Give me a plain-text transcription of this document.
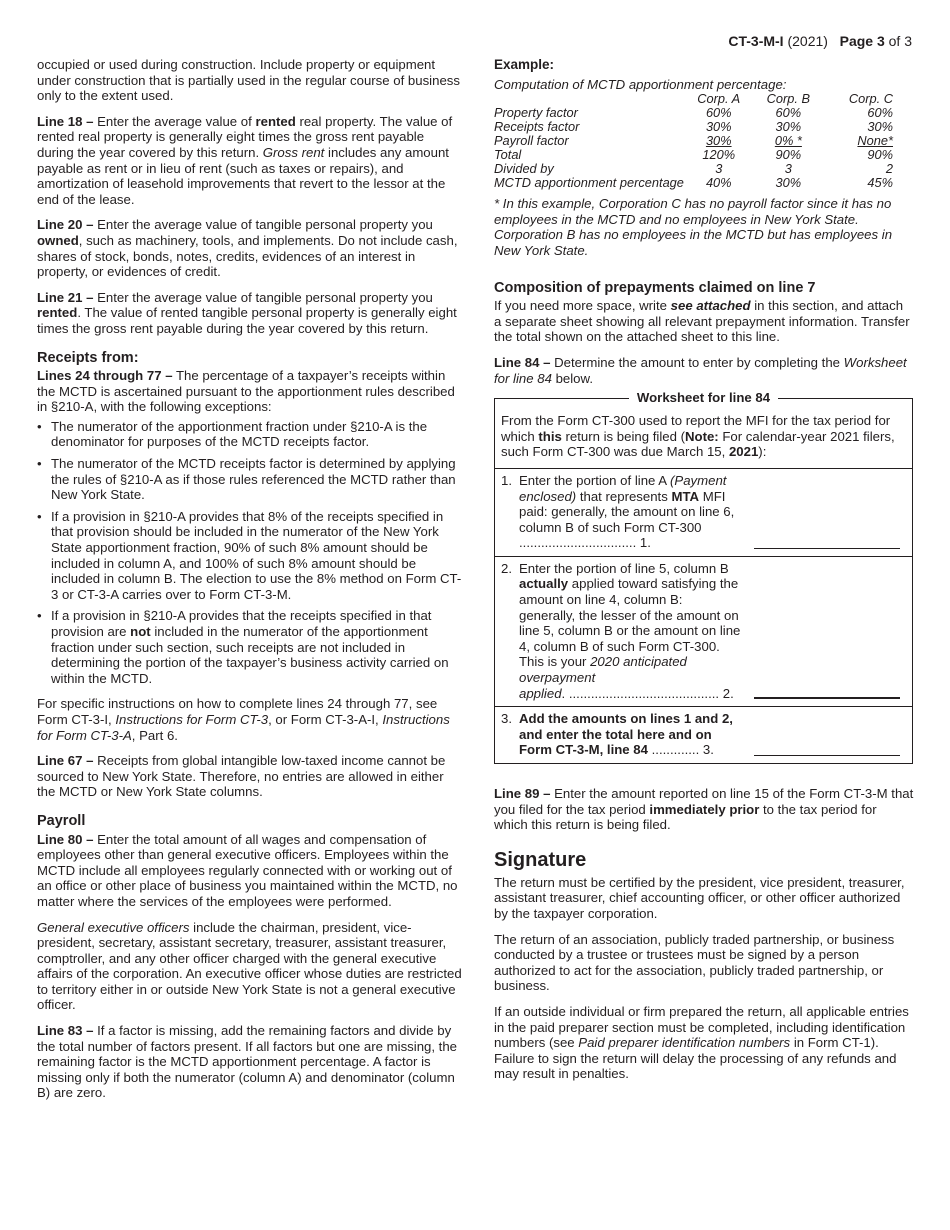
CT-3-M-I (2021) Page 3 of 3

occupied or used during construction. Include property or equipment under construction that is partially used in the regular course of business only to the extent used.

Line 18 – Enter the average value of rented real property. The value of rented real property is generally eight times the gross rent payable during the year covered by this return. Gross rent includes any amount payable as rent or in lieu of rent (such as taxes or repairs), and amortization of leasehold improvements that revert to the lessor at the end of the lease.

Line 20 – Enter the average value of tangible personal property you owned, such as machinery, tools, and implements. Do not include cash, shares of stock, bonds, notes, credits, evidences of an interest in property, or evidences of credit.

Line 21 – Enter the average value of tangible personal property you rented. The value of rented tangible personal property is generally eight times the gross rent payable during the year covered by this return.

Receipts from:

Lines 24 through 77 – The percentage of a taxpayer’s receipts within the MCTD is ascertained pursuant to the apportionment rules described in §210-A, with the following exceptions:

• The numerator of the apportionment fraction under §210-A is the denominator for purposes of the MCTD receipts factor.
• The numerator of the MCTD receipts factor is determined by applying the rules of §210-A as if those rules referenced the MCTD rather than New York State.
• If a provision in §210-A provides that 8% of the receipts specified in that provision should be included in the numerator of the New York State apportionment fraction, 90% of such 8% amount should be included in column A, and 100% of such 8% amount should be included in column B. The election to use the 8% method on Form CT-3 or CT-3-A carries over to Form CT-3-M.
• If a provision in §210-A provides that the receipts specified in that provision are not included in the numerator of the apportionment fraction under such section, such receipts are not included in determining the portion of the taxpayer’s business activity carried on within the MCTD.

For specific instructions on how to complete lines 24 through 77, see Form CT-3-I, Instructions for Form CT-3, or Form CT-3-A-I, Instructions for Form CT-3-A, Part 6.

Line 67 – Receipts from global intangible low-taxed income cannot be sourced to New York State. Therefore, no entries are allowed in either the MCTD or New York State columns.

Payroll

Line 80 – Enter the total amount of all wages and compensation of employees other than general executive officers. Employees within the MCTD include all employees regularly connected with or working out of an office or other place of business you maintained within the MCTD, no matter where the services of the employees were performed.

General executive officers include the chairman, president, vice-president, secretary, assistant secretary, treasurer, assistant treasurer, comptroller, and any other officer charged with the general executive affairs of the corporation. An executive officer whose duties are restricted to territory either in or outside New York State is not a general executive officer.

Line 83 – If a factor is missing, add the remaining factors and divide by the total number of factors present. If all factors but one are missing, the remaining factor is the MCTD apportionment percentage. A factor is missing only if both the numerator (column A) and denominator (column B) are zero.

Example:
Computation of MCTD apportionment percentage:
	Corp. A	Corp. B	Corp. C
Property factor	60%	60%	60%
Receipts factor	30%	30%	30%
Payroll factor	30%	0% *	None*
Total	120%	90%	90%
Divided by	3	3	2
MCTD apportionment percentage	40%	30%	45%

* In this example, Corporation C has no payroll factor since it has no employees in the MCTD and no employees in New York State. Corporation B has no employees in the MCTD but has employees in New York State.

Composition of prepayments claimed on line 7

If you need more space, write see attached in this section, and attach a separate sheet showing all relevant prepayment information. Transfer the total shown on the attached sheet to this line.

Line 84 – Determine the amount to enter by completing the Worksheet for line 84 below.

Worksheet for line 84

From the Form CT-300 used to report the MFI for the tax period for which this return is being filed (Note: For calendar-year 2021 filers, such Form CT-300 was due March 15, 2021):

1. Enter the portion of line A (Payment enclosed) that represents MTA MFI paid: generally, the amount on line 6, column B of such Form CT-300 ................................ 1.
2. Enter the portion of line 5, column B actually applied toward satisfying the amount on line 4, column B: generally, the lesser of the amount on line 5, column B or the amount on line 4, column B of such Form CT-300. This is your 2020 anticipated overpayment applied. ......................................... 2.
3. Add the amounts on lines 1 and 2, and enter the total here and on Form CT-3-M, line 84 ............. 3.

Line 89 – Enter the amount reported on line 15 of the Form CT-3-M that you filed for the tax period immediately prior to the tax period for which this return is being filed.

Signature

The return must be certified by the president, vice president, treasurer, assistant treasurer, chief accounting officer, or other officer authorized by the taxpayer corporation.

The return of an association, publicly traded partnership, or business conducted by a trustee or trustees must be signed by a person authorized to act for the association, publicly traded partnership, or business.

If an outside individual or firm prepared the return, all applicable entries in the paid preparer section must be completed, including identification numbers (see Paid preparer identification numbers in Form CT-1). Failure to sign the return will delay the processing of any refunds and may result in penalties.
